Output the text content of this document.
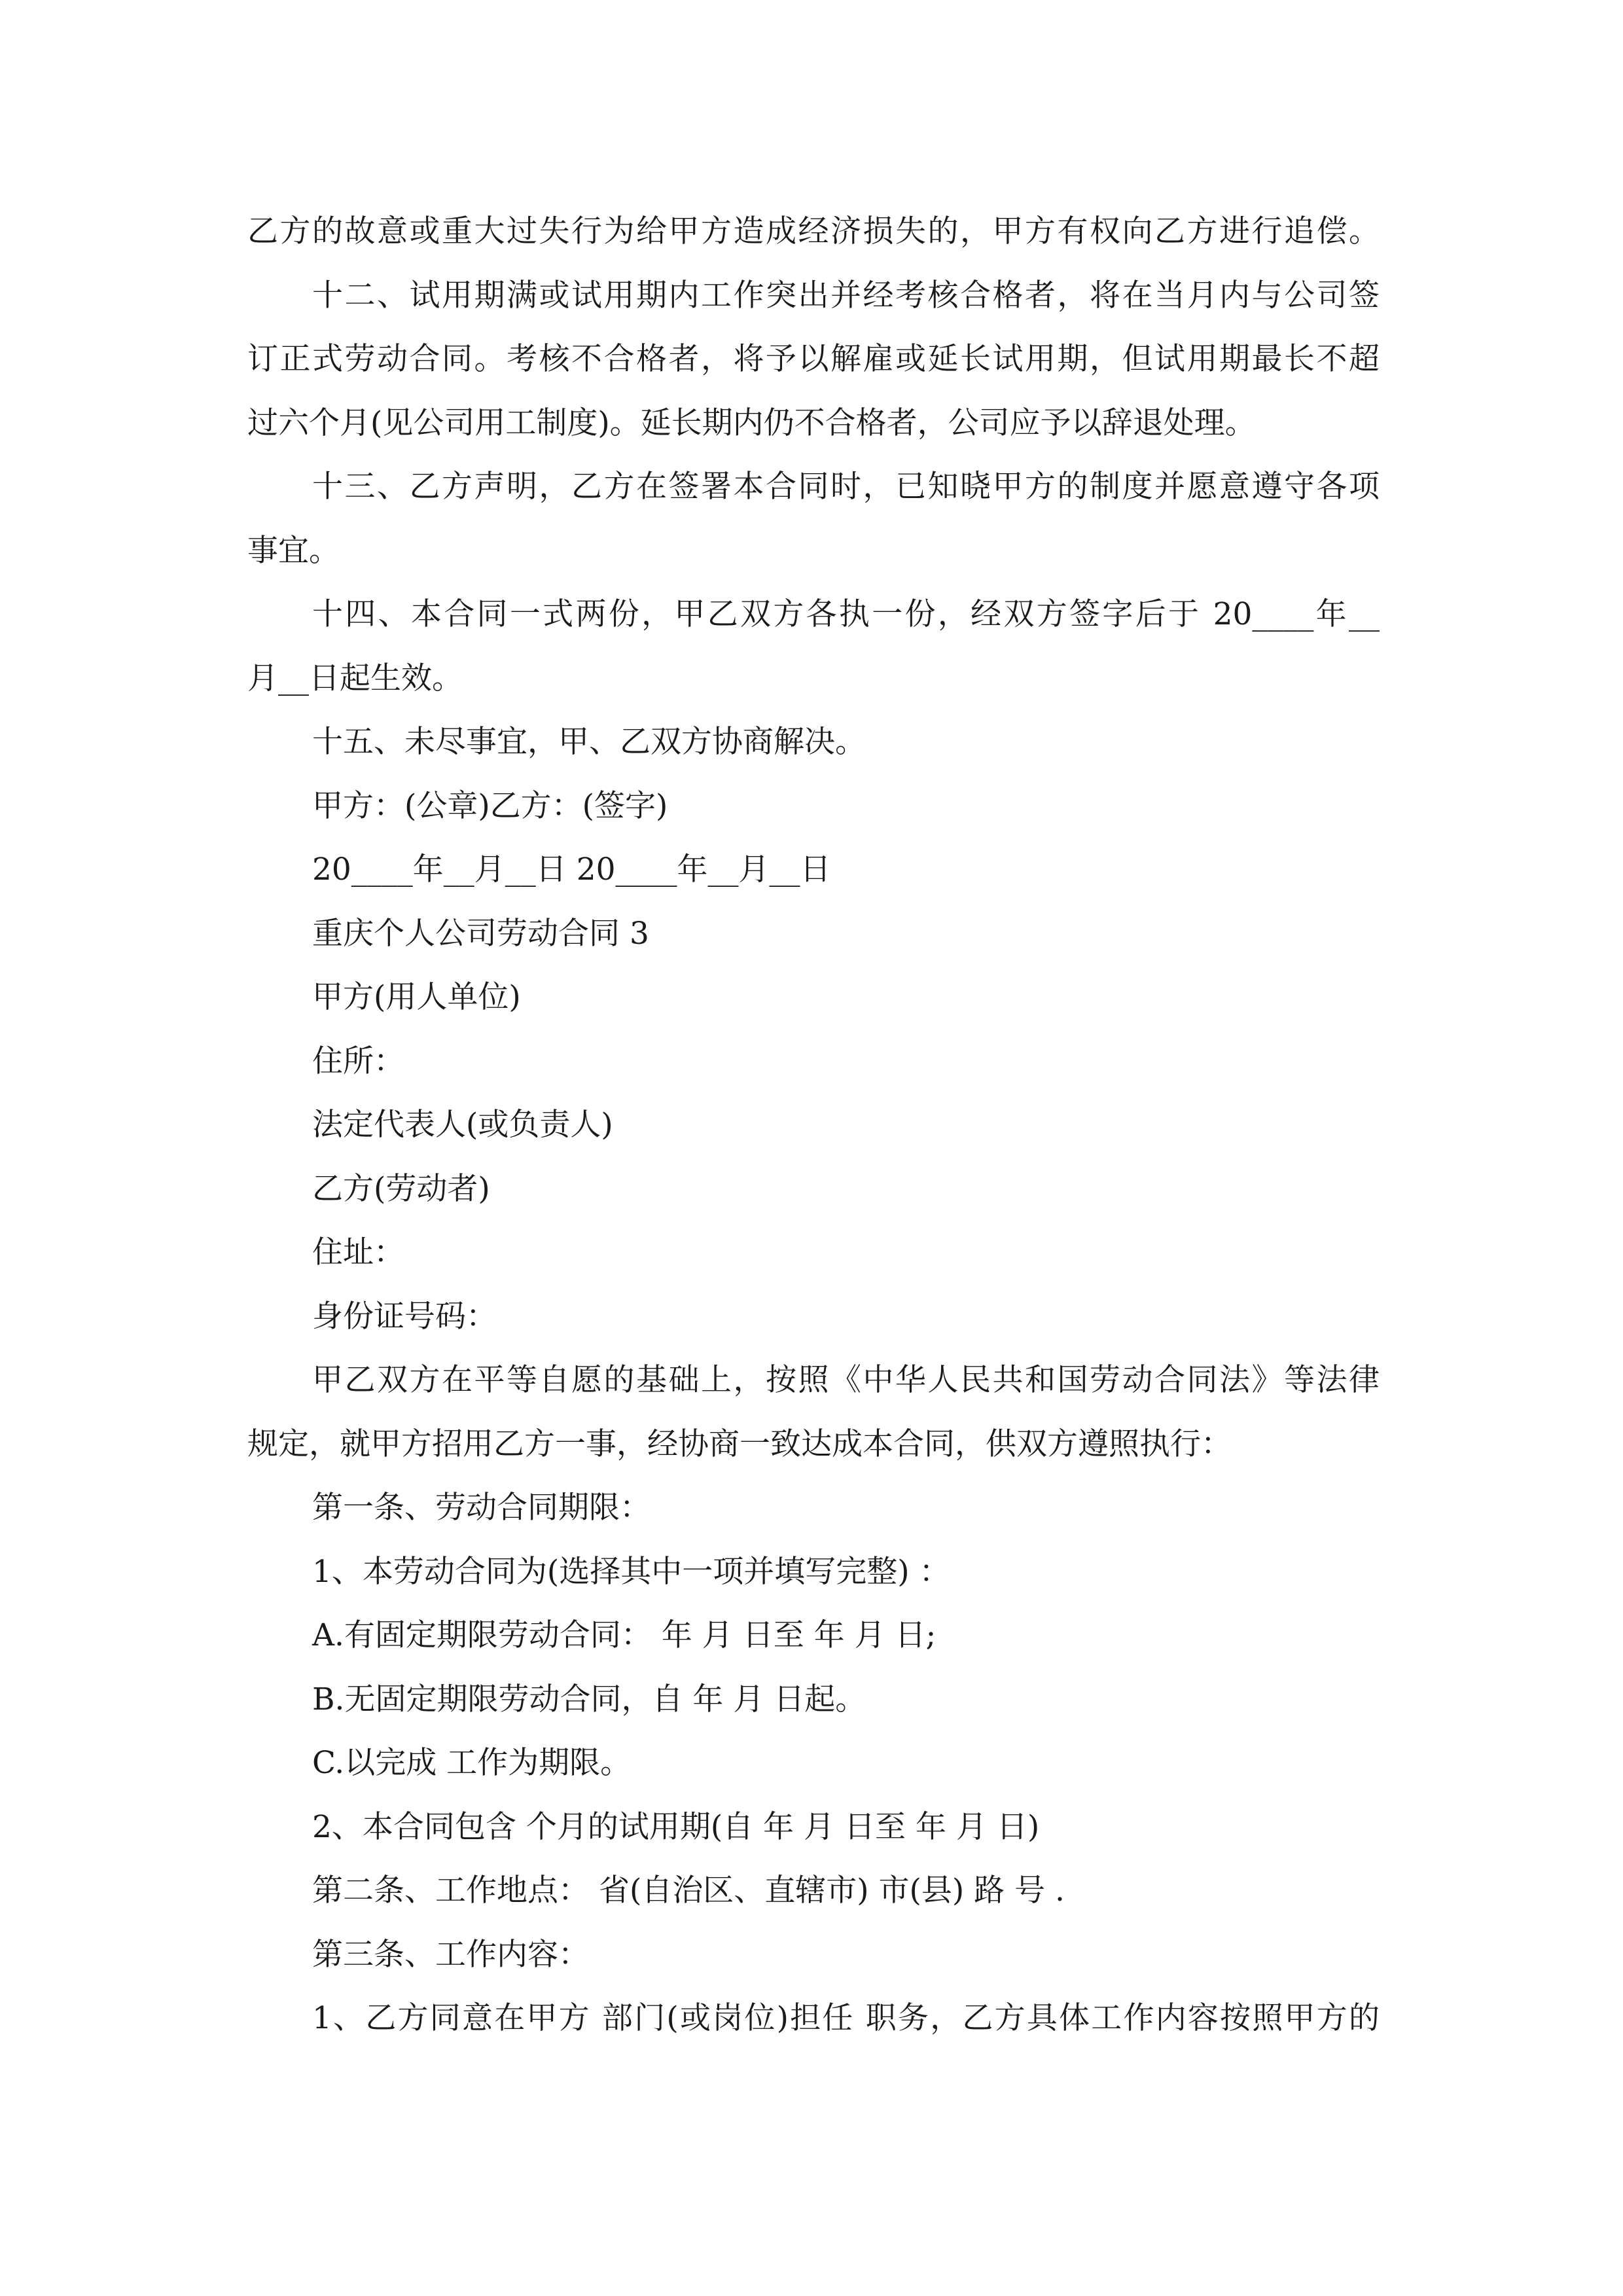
乙方的故意或重大过失行为给甲方造成经济损失的，甲方有权向乙方进行追偿。
十二、试用期满或试用期内工作突出并经考核合格者，将在当月内与公司签
订正式劳动合同。考核不合格者，将予以解雇或延长试用期，但试用期最长不超
过六个月(见公司用工制度)。延长期内仍不合格者，公司应予以辞退处理。
十三、乙方声明，乙方在签署本合同时，已知晓甲方的制度并愿意遵守各项
事宜。
十四、本合同一式两份，甲乙双方各执一份，经双方签字后于 20____年__
月__日起生效。
十五、未尽事宜，甲、乙双方协商解决。
甲方：(公章)乙方：(签字)
20____年__月__日 20____年__月__日
重庆个人公司劳动合同 3
甲方(用人单位)
住所：
法定代表人(或负责人)
乙方(劳动者)
住址：
身份证号码：
甲乙双方在平等自愿的基础上，按照《中华人民共和国劳动合同法》等法律
规定，就甲方招用乙方一事，经协商一致达成本合同，供双方遵照执行：
第一条、劳动合同期限：
1、本劳动合同为(选择其中一项并填写完整) ：
A.有固定期限劳动合同： 年 月 日至 年 月 日;
B.无固定期限劳动合同，自 年 月 日起。
C.以完成 工作为期限。
2、本合同包含 个月的试用期(自 年 月 日至 年 月 日)
第二条、工作地点： 省(自治区、直辖市) 市(县) 路 号 .
第三条、工作内容：
1、乙方同意在甲方 部门(或岗位)担任 职务，乙方具体工作内容按照甲方的
